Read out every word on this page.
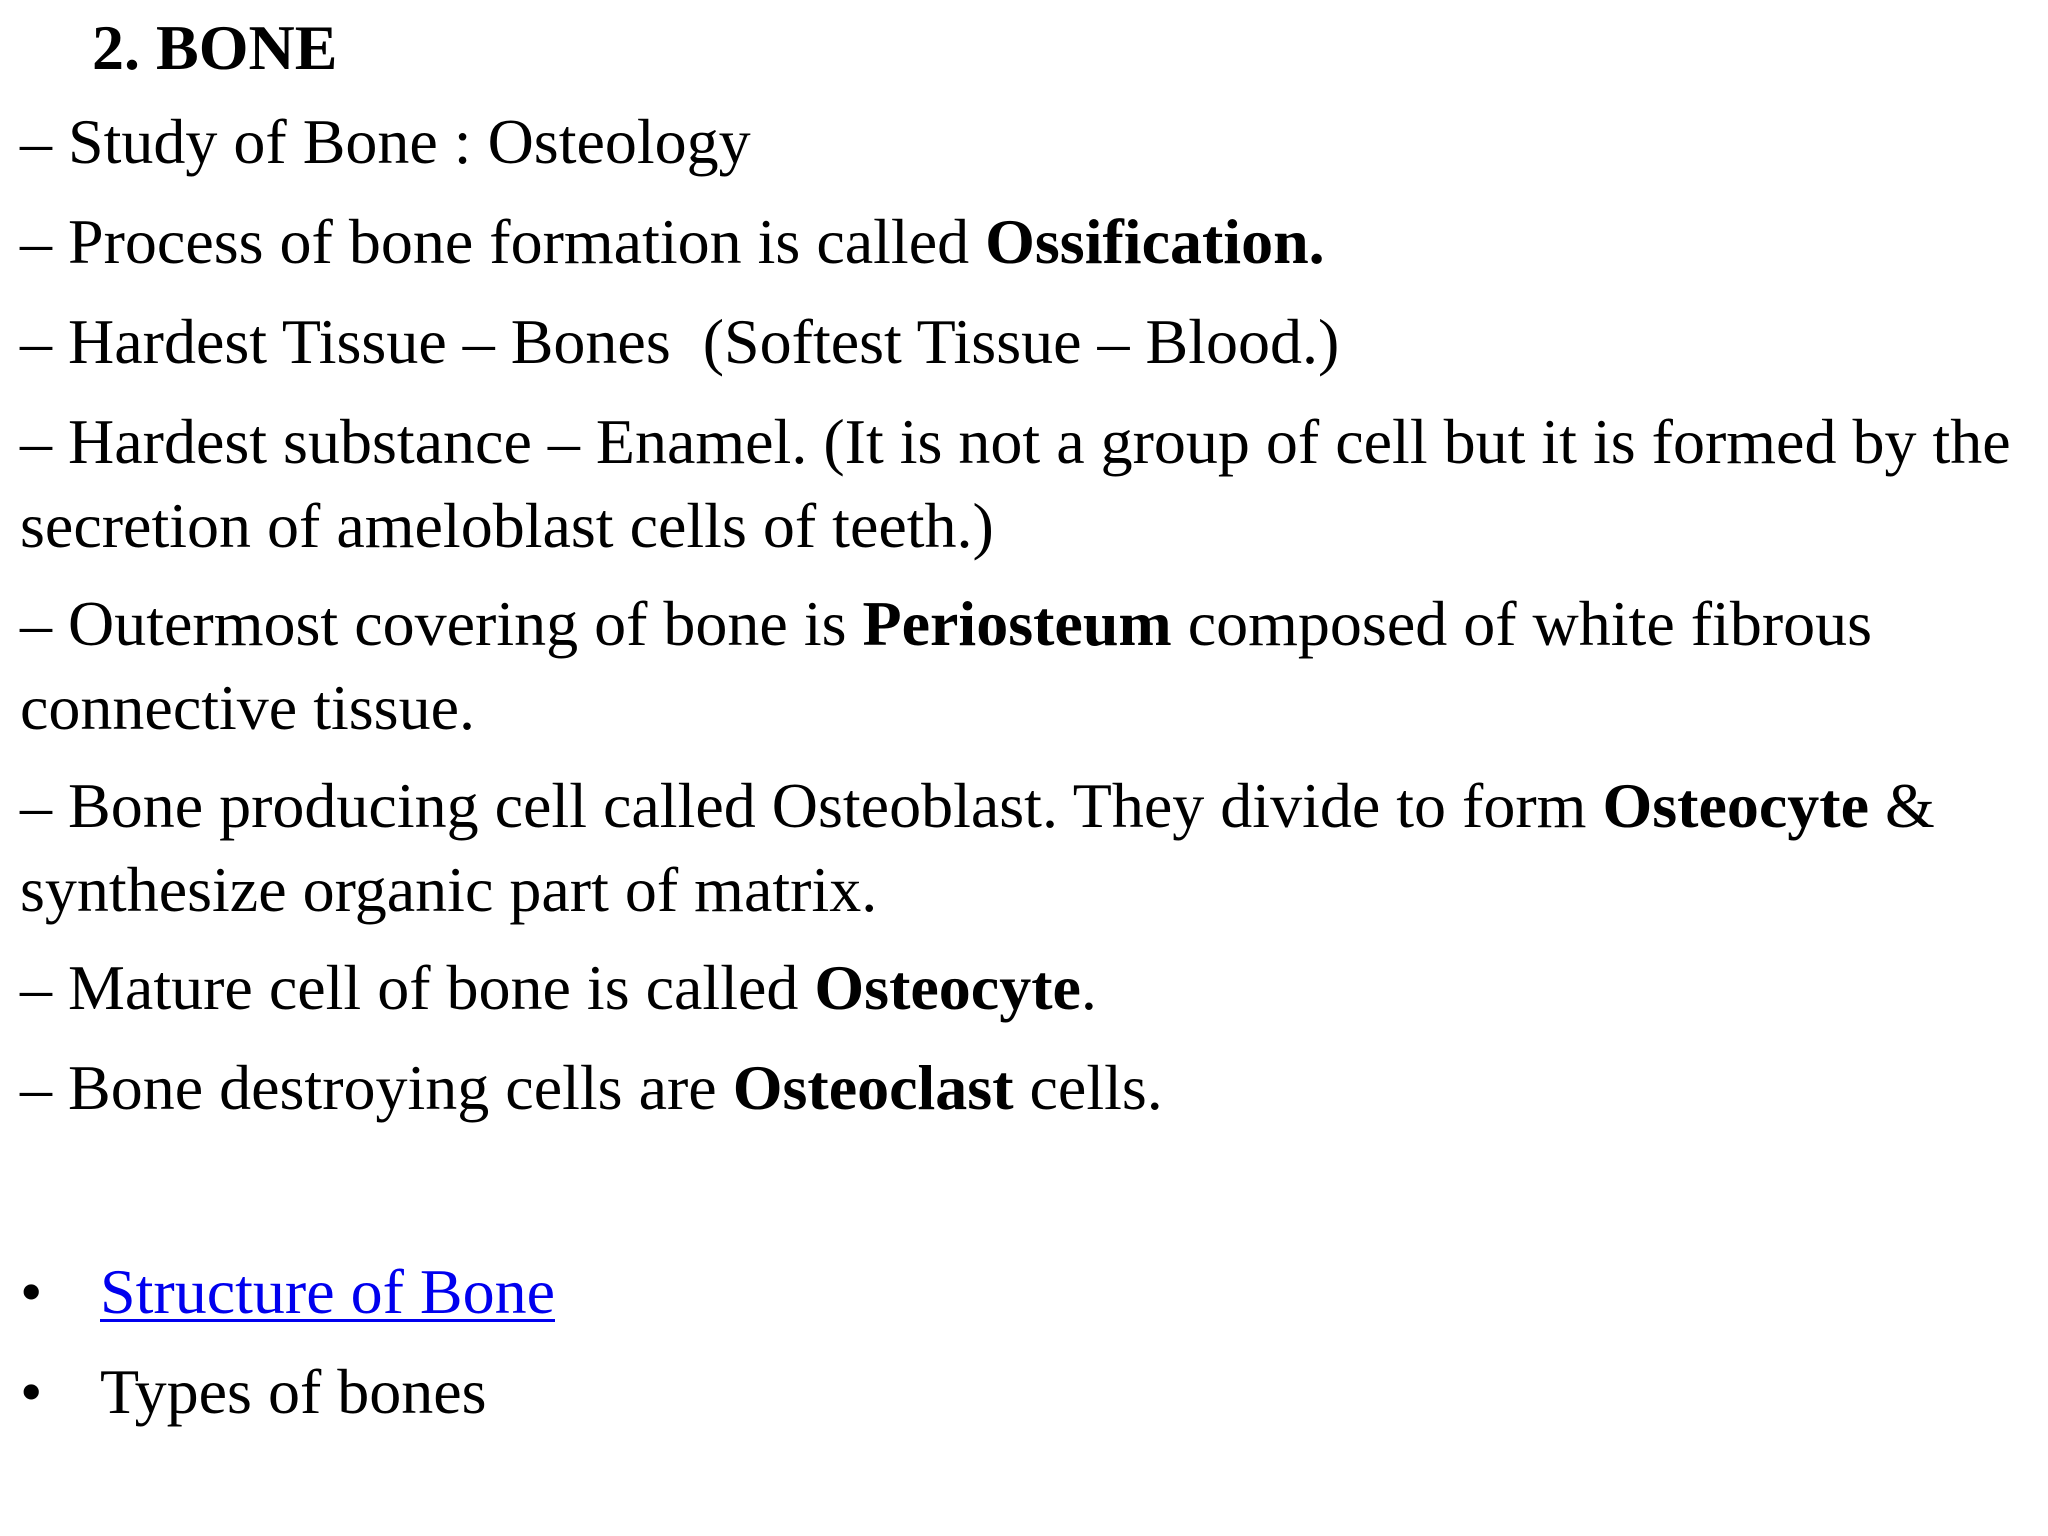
2. BONE

– Study of Bone : Osteology

– Process of bone formation is called Ossification.

– Hardest Tissue – Bones  (Softest Tissue – Blood.)

– Hardest substance – Enamel. (It is not a group of cell but it is formed by the secretion of ameloblast cells of teeth.)

– Outermost covering of bone is Periosteum composed of white fibrous connective tissue.

– Bone producing cell called Osteoblast. They divide to form Osteocyte & synthesize organic part of matrix.

– Mature cell of bone is called Osteocyte.

– Bone destroying cells are Osteoclast cells.

• Structure of Bone
• Types of bones
